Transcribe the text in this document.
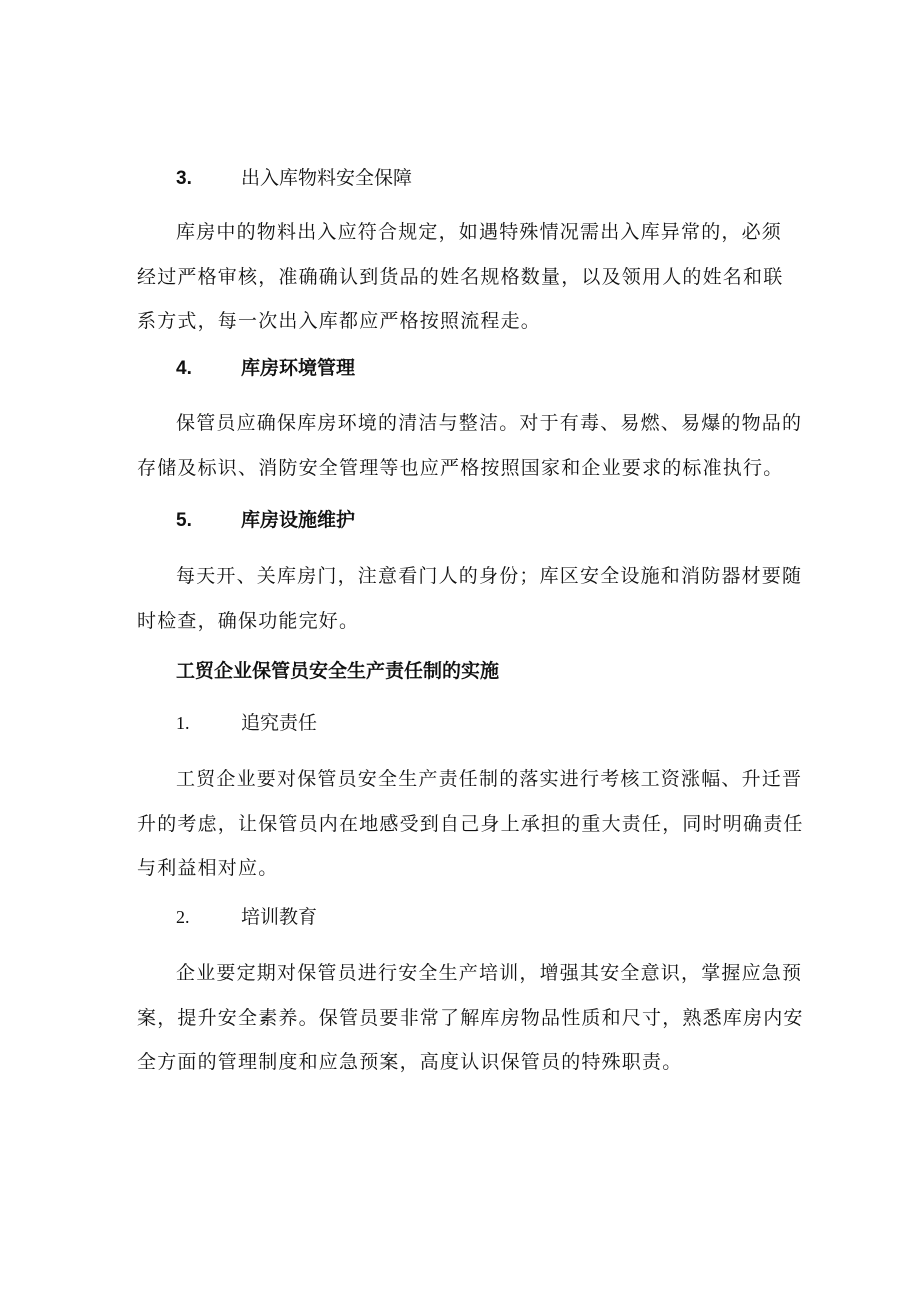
3.	出入库物料安全保障
库房中的物料出入应符合规定，如遇特殊情况需出入库异常的，必须
经过严格审核，准确确认到货品的姓名规格数量，以及领用人的姓名和联
系方式，每一次出入库都应严格按照流程走。
4.	库房环境管理
保管员应确保库房环境的清洁与整洁。对于有毒、易燃、易爆的物品的
存储及标识、消防安全管理等也应严格按照国家和企业要求的标准执行。
5.	库房设施维护
每天开、关库房门，注意看门人的身份；库区安全设施和消防器材要随
时检查，确保功能完好。
工贸企业保管员安全生产责任制的实施
1.	追究责任
工贸企业要对保管员安全生产责任制的落实进行考核工资涨幅、升迁晋
升的考虑，让保管员内在地感受到自己身上承担的重大责任，同时明确责任
与利益相对应。
2.	培训教育
企业要定期对保管员进行安全生产培训，增强其安全意识，掌握应急预
案，提升安全素养。保管员要非常了解库房物品性质和尺寸，熟悉库房内安
全方面的管理制度和应急预案，高度认识保管员的特殊职责。
